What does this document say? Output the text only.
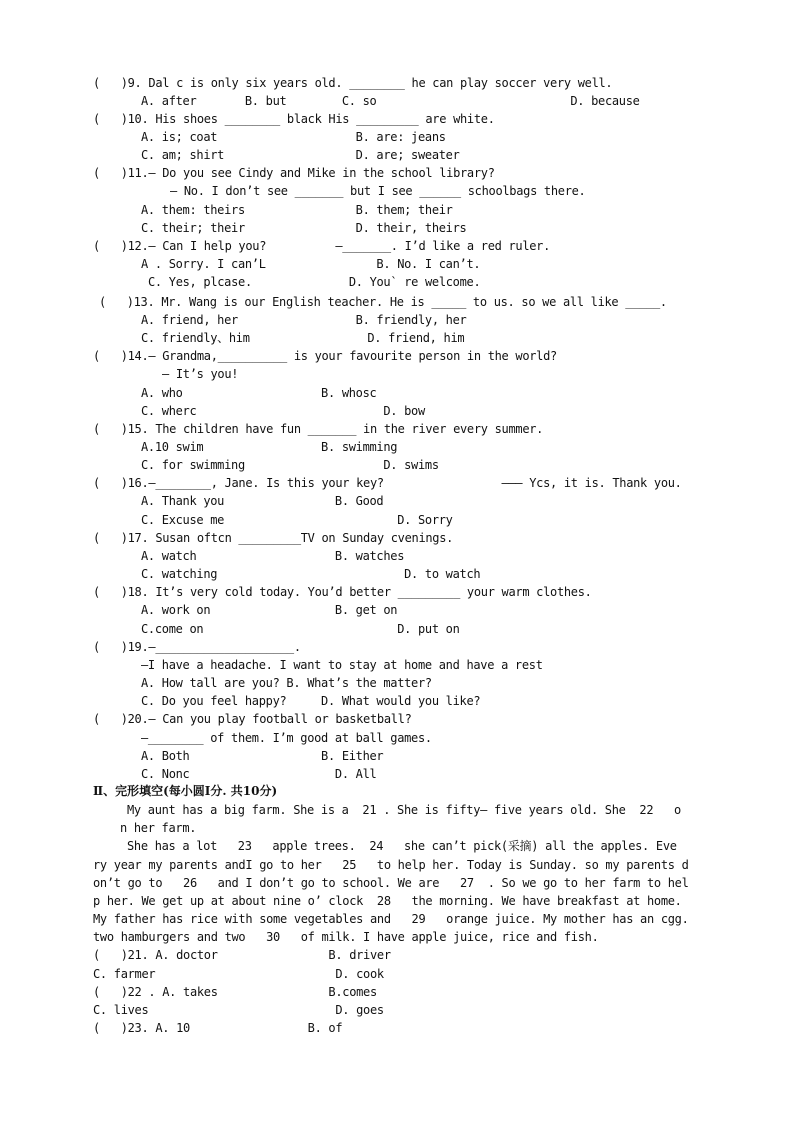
(   )9. Dal c is only six years old. ________ he can play soccer very well.
A. after       B. but        C. so                            D. because
(   )10. His shoes ________ black His _________ are white.
A. is; coat                    B. are: jeans
C. am; shirt                   D. are; sweater
(   )11.— Do you see Cindy and Mike in the school library?
— No. I don’t see _______ but I see ______ schoolbags there.
A. them: theirs                B. them; their
C. their; their                D. their, theirs
(   )12.— Can I help you?          —_______. I’d like a red ruler.
A . Sorry. I can’L                B. No. I can’t.
C. Yes, plcase.              D. You` re welcome.
(   )13. Mr. Wang is our English teacher. He is _____ to us. so we all like _____.
A. friend, her                 B. friendly, her
C. friendly、him                 D. friend, him
(   )14.— Grandma,__________ is your favourite person in the world?
— It’s you!
A. who                    B. whosc
C. wherc                           D. bow
(   )15. The children have fun _______ in the river every summer.
A.10 swim                 B. swimming
C. for swimming                    D. swims
(   )16.—________, Jane. Is this your key?                 ——— Ycs, it is. Thank you.
A. Thank you                B. Good
C. Excuse me                         D. Sorry
(   )17. Susan oftcn _________TV on Sunday cvenings.
A. watch                    B. watches
C. watching                           D. to watch
(   )18. It’s very cold today. You’d better _________ your warm clothes.
A. work on                  B. get on
C.come on                            D. put on
(   )19.—____________________.
—I have a headache. I want to stay at home and have a rest
A. How tall are you? B. What’s the matter?
C. Do you feel happy?     D. What would you like?
(   )20.— Can you play football or basketball?
—________ of them. I’m good at ball games.
A. Both                   B. Either
C. Nonc                     D. All
Ⅱ、完形填空(每小圆Ⅰ分. 共10分)
My aunt has a big farm. She is a  21 . She is fifty— five years old. She  22   o
n her farm.
She has a lot   23   apple trees.  24   she can’t pick(采摘) all the apples. Eve
ry year my parents andI go to her   25   to help her. Today is Sunday. so my parents d
on’t go to   26   and I don’t go to school. We are   27  . So we go to her farm to hel
p her. We get up at about nine o’ clock  28   the morning. We have breakfast at home.
My father has rice with some vegetables and   29   orange juice. My mother has an cgg.
two hamburgers and two   30   of milk. I have apple juice, rice and fish.
(   )21. A. doctor                B. driver
C. farmer                          D. cook
(   )22 . A. takes                B.comes
C. lives                           D. goes
(   )23. A. 10                 B. of
